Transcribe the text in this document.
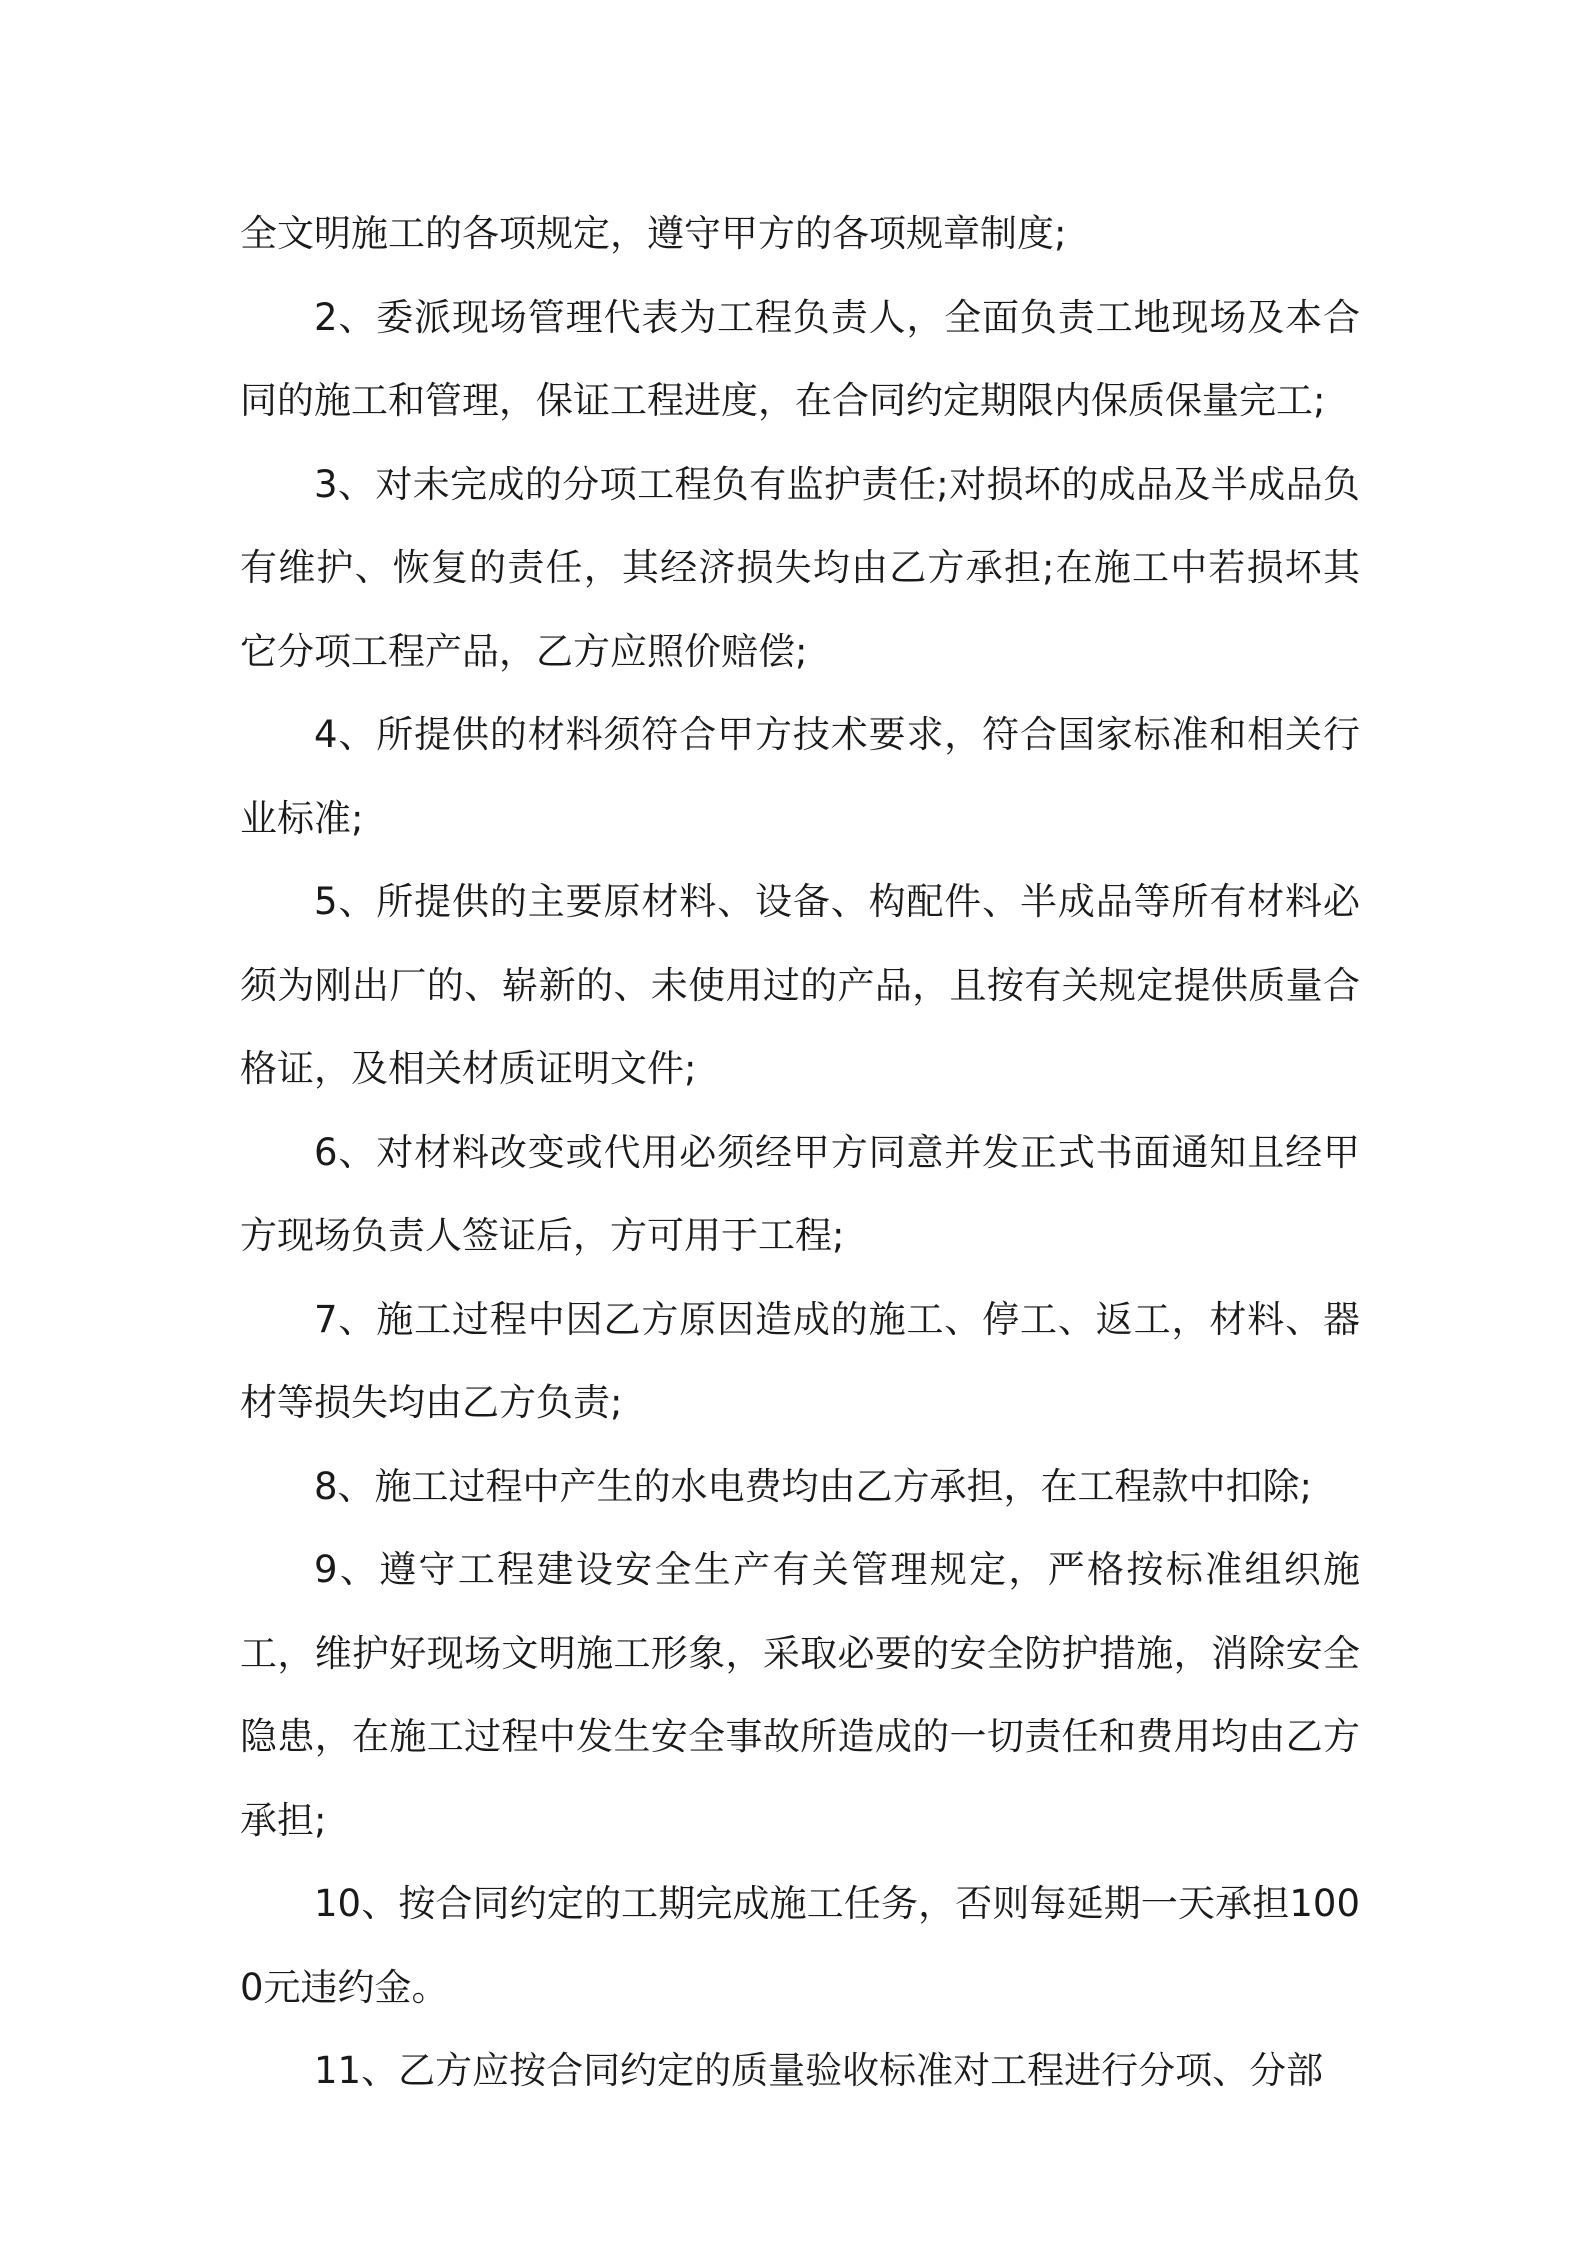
全文明施工的各项规定，遵守甲方的各项规章制度;

2、委派现场管理代表为工程负责人，全面负责工地现场及本合同的施工和管理，保证工程进度，在合同约定期限内保质保量完工;

3、对未完成的分项工程负有监护责任;对损坏的成品及半成品负有维护、恢复的责任，其经济损失均由乙方承担;在施工中若损坏其它分项工程产品，乙方应照价赔偿;

4、所提供的材料须符合甲方技术要求，符合国家标准和相关行业标准;

5、所提供的主要原材料、设备、构配件、半成品等所有材料必须为刚出厂的、崭新的、未使用过的产品，且按有关规定提供质量合格证，及相关材质证明文件;

6、对材料改变或代用必须经甲方同意并发正式书面通知且经甲方现场负责人签证后，方可用于工程;

7、施工过程中因乙方原因造成的施工、停工、返工，材料、器材等损失均由乙方负责;

8、施工过程中产生的水电费均由乙方承担，在工程款中扣除;

9、遵守工程建设安全生产有关管理规定，严格按标准组织施工，维护好现场文明施工形象，采取必要的安全防护措施，消除安全隐患，在施工过程中发生安全事故所造成的一切责任和费用均由乙方承担;

10、按合同约定的工期完成施工任务，否则每延期一天承担1000元违约金。

11、乙方应按合同约定的质量验收标准对工程进行分项、分部
